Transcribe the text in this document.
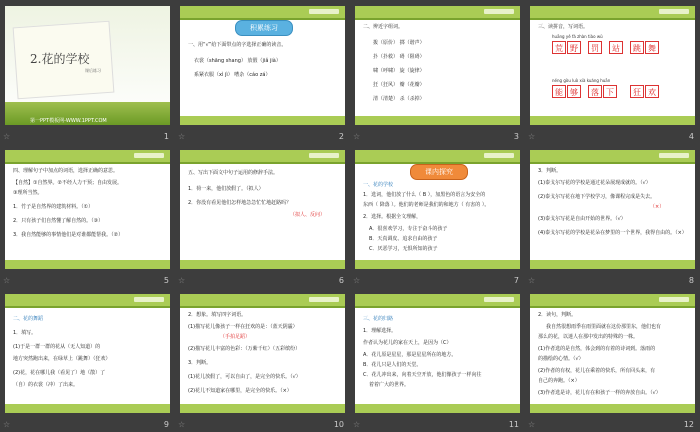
2.花的学校
课后练习
第一PPT模板网-WWW.1PPT.COM
☆	1
积累练习
一、用“√”给下面带点的字选择正确的读音。
衣裳（shāng shang） 放假（jiǎ jià）
系紧衣服（xì jì） 嘈杂（cáo zá）
☆	2
二、辨近字组词。
拨（原价） 掷（谐声）
扑（扑救） 碍（阻碍）
啸（呼啸） 旋（旋律）
狂（狂风） 瓣（花瓣）
清（清楚） 杀（杀掉）
☆	3
三、读拼音，写词语。
huāng yě fá zhàn tiào wǔ
荒 野	罚	站	跳 舞
néng gòu luò xià kuáng huān
能 够	落 下	狂 欢
☆	4
四、理解句子中加点的词语，选择正确的意思。
【自然】①自然界。②不经人力干预；自由发展。
③理所当然。
1．竹子是自然界的建筑材料。（①）
2．只有孩子们自然懂了解自然的。（③）
3．我自然能够的事情他们是对谁都能帮我。（②）
☆	5
五、写出下面文中句子运用的修辞手法。
1．荷一来，他们放假了。（拟人）
2．你没有看见他们怎样地急急忙忙地赶路吗？
（拟人、反问）
☆	6
课内探究
一、花的学校
1．选词，他们放了什么（ B ），加黑色的语言为安全的
东西（ 降落 ）。他们的老师是我们的和地方（ 有害的 ）。
2．选择。根据全文理解，
A．很喜欢学习，专注于奋斗的孩子
B．天真调皮、追求自由的孩子
C．厌恶学习，无惧所知的孩子
☆	7
3．判断。
(1)泰戈尔写花的学校是通过花朵展现成就的。（√）
(2)泰戈尔写花在地下学校学习，像课程完成是失去。
（×）
(3)泰戈尔写花是自由开始的世界。（√）
(4)泰戈尔写花的学校是花朵在梦里的一个世界，我得自由的。（×）
☆	8
二、花的舞蹈
1．填写。
(1)于是一群一群的花从（无人知道）的
地方突然跑出来，在绿草上（跳舞）（狂欢）
(2)花，花在哪儿我（看见了）地（散）了
（自）的衣裳（冲）了出来。
☆	9
2．想象。填写四字词语。
(1)描写花儿像孩子一样在狂欢的是：（蓝天阴霾）
（手拍足蹈）
(2)描写花儿丰富的色彩：（万紫千红）（五彩缤纷）
3．判断。
(1)花儿放假了，可以自由了，是完全的快乐。（√）
(2)花儿不知道家在哪里，是完全的快乐。（×）
☆	10
三、花的归路
1．理解选择。
作者认为花儿的家在天上，是因为（C）
A．花儿原是星星，那是星星所在的地方。
B．花儿只是人们的天堂。
C．花儿冲出来，向着天空开放，他们像孩子一样向往
着着广大的世界。
☆	11
2．读句，判断。
我自然很想雨季在雨里面就在这份那里东，他们也有
那么的花，以迷人在那中发出的特殊的一株。
(1)作者选的是自然，体会到的有着的诗词到。落雨的
的描绘的心情。（√）
(2)作者的有权，花儿在乘着的快乐，所有回头来，有
自己的奔跑。（×）
(3)作者选是诗，花儿有在和孩子一样的奔放自由。（√）
☆	12
